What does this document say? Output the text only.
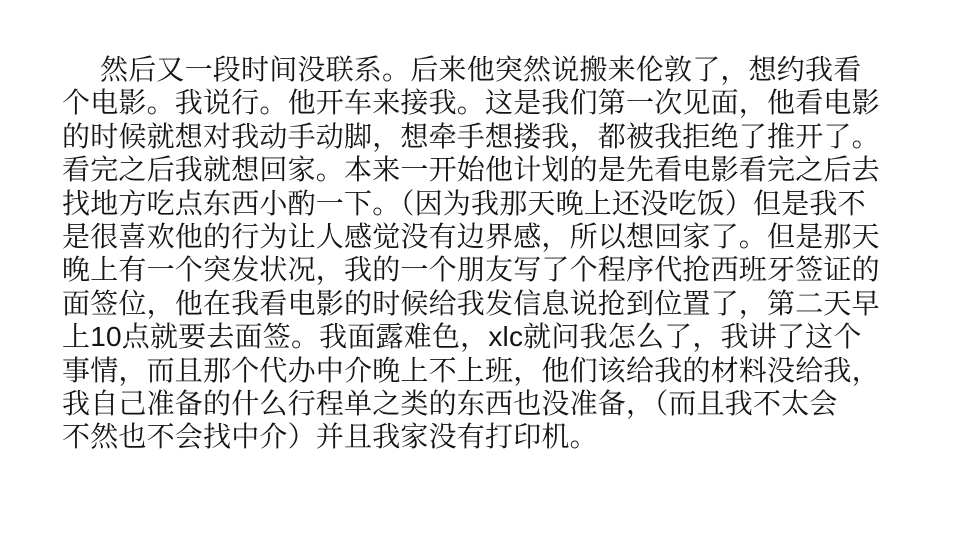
然后又一段时间没联系。后来他突然说搬来伦敦了，想约我看
个电影。我说行。他开车来接我。这是我们第一次见面，他看电影
的时候就想对我动手动脚，想牵手想搂我，都被我拒绝了推开了。
看完之后我就想回家。本来一开始他计划的是先看电影看完之后去
找地方吃点东西小酌一下。（因为我那天晚上还没吃饭）但是我不
是很喜欢他的行为让人感觉没有边界感，所以想回家了。但是那天
晚上有一个突发状况，我的一个朋友写了个程序代抢西班牙签证的
面签位，他在我看电影的时候给我发信息说抢到位置了，第二天早
上10点就要去面签。我面露难色，xlc就问我怎么了，我讲了这个
事情，而且那个代办中介晚上不上班，他们该给我的材料没给我，
我自己准备的什么行程单之类的东西也没准备，（而且我不太会
不然也不会找中介）并且我家没有打印机。
